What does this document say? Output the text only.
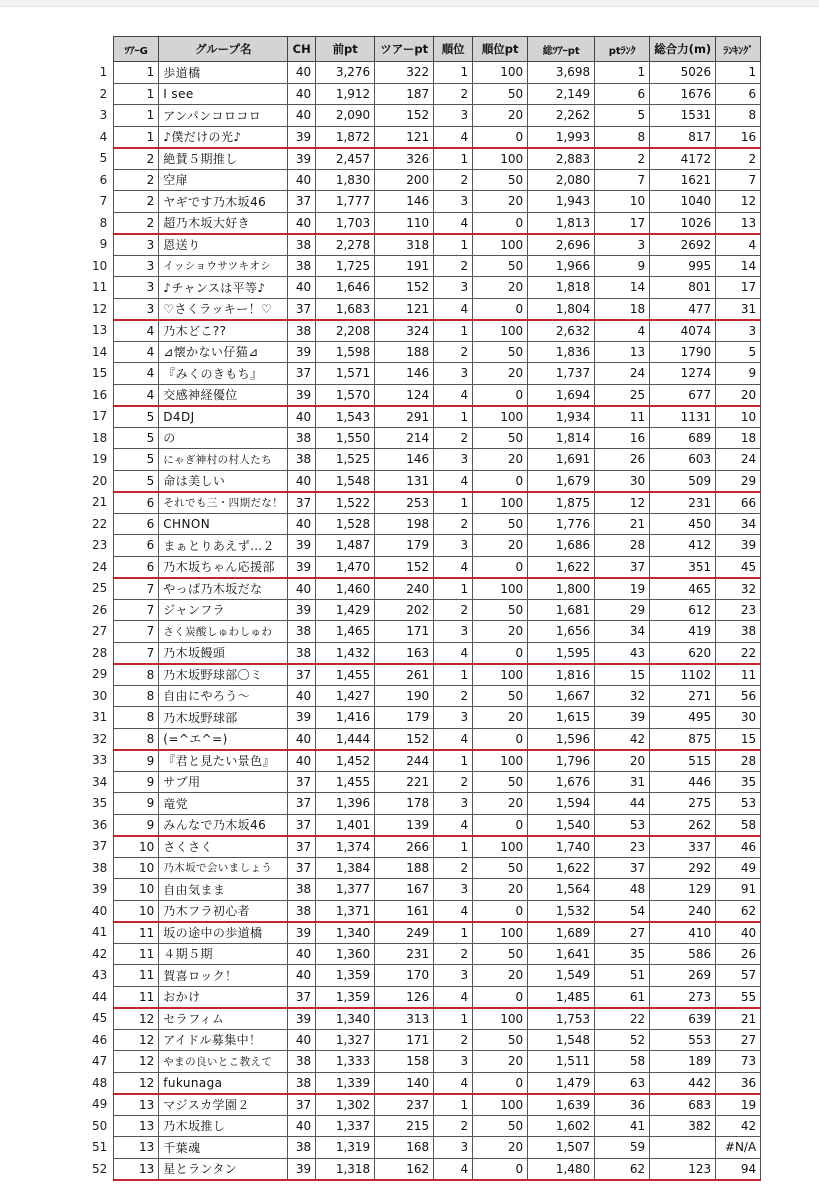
	ﾂｱｰG	グループ名	CH	前pt	ツアーpt	順位	順位pt	総ﾂｱｰpt	ptﾗﾝｸ	総合力(m)	ﾗﾝｷﾝｸﾞ
1	1	歩道橋	40	3,276	322	1	100	3,698	1	5026	1
2	1	I see	40	1,912	187	2	50	2,149	6	1676	6
3	1	アンパンコロコロ	40	2,090	152	3	20	2,262	5	1531	8
4	1	♪僕だけの光♪	39	1,872	121	4	0	1,993	8	817	16
5	2	絶賛５期推し	39	2,457	326	1	100	2,883	2	4172	2
6	2	空扉	40	1,830	200	2	50	2,080	7	1621	7
7	2	ヤギです乃木坂46	37	1,777	146	3	20	1,943	10	1040	12
8	2	超乃木坂大好き	40	1,703	110	4	0	1,813	17	1026	13
9	3	恩送り	38	2,278	318	1	100	2,696	3	2692	4
10	3	イッショウサツキオシ	38	1,725	191	2	50	1,966	9	995	14
11	3	♪チャンスは平等♪	40	1,646	152	3	20	1,818	14	801	17
12	3	♡さくラッキー！♡	37	1,683	121	4	0	1,804	18	477	31
13	4	乃木どこ??	38	2,208	324	1	100	2,632	4	4074	3
14	4	⊿懐かない仔猫⊿	39	1,598	188	2	50	1,836	13	1790	5
15	4	『みくのきもち』	37	1,571	146	3	20	1,737	24	1274	9
16	4	交感神経優位	39	1,570	124	4	0	1,694	25	677	20
17	5	D4DJ	40	1,543	291	1	100	1,934	11	1131	10
18	5	の	38	1,550	214	2	50	1,814	16	689	18
19	5	にゃぎ神村の村人たち	38	1,525	146	3	20	1,691	26	603	24
20	5	命は美しい	40	1,548	131	4	0	1,679	30	509	29
21	6	それでも三・四期だな！	37	1,522	253	1	100	1,875	12	231	66
22	6	CHNON	40	1,528	198	2	50	1,776	21	450	34
23	6	まぁとりあえず…２	39	1,487	179	3	20	1,686	28	412	39
24	6	乃木坂ちゃん応援部	39	1,470	152	4	0	1,622	37	351	45
25	7	やっぱ乃木坂だな	40	1,460	240	1	100	1,800	19	465	32
26	7	ジャンフラ	39	1,429	202	2	50	1,681	29	612	23
27	7	さく炭酸しゅわしゅわ	38	1,465	171	3	20	1,656	34	419	38
28	7	乃木坂饅頭	38	1,432	163	4	0	1,595	43	620	22
29	8	乃木坂野球部〇ミ	37	1,455	261	1	100	1,816	15	1102	11
30	8	自由にやろう～	40	1,427	190	2	50	1,667	32	271	56
31	8	乃木坂野球部	39	1,416	179	3	20	1,615	39	495	30
32	8	(=^エ^=)	40	1,444	152	4	0	1,596	42	875	15
33	9	『君と見たい景色』	40	1,452	244	1	100	1,796	20	515	28
34	9	サブ用	37	1,455	221	2	50	1,676	31	446	35
35	9	竜党	37	1,396	178	3	20	1,594	44	275	53
36	9	みんなで乃木坂46	37	1,401	139	4	0	1,540	53	262	58
37	10	さくさく	37	1,374	266	1	100	1,740	23	337	46
38	10	乃木坂で会いましょう	37	1,384	188	2	50	1,622	37	292	49
39	10	自由気まま	38	1,377	167	3	20	1,564	48	129	91
40	10	乃木フラ初心者	38	1,371	161	4	0	1,532	54	240	62
41	11	坂の途中の歩道橋	39	1,340	249	1	100	1,689	27	410	40
42	11	４期５期	40	1,360	231	2	50	1,641	35	586	26
43	11	賀喜ロック！	40	1,359	170	3	20	1,549	51	269	57
44	11	おかけ	37	1,359	126	4	0	1,485	61	273	55
45	12	セラフィム	39	1,340	313	1	100	1,753	22	639	21
46	12	アイドル募集中！	40	1,327	171	2	50	1,548	52	553	27
47	12	やまの良いとこ教えて	38	1,333	158	3	20	1,511	58	189	73
48	12	fukunaga	38	1,339	140	4	0	1,479	63	442	36
49	13	マジスカ学園２	37	1,302	237	1	100	1,639	36	683	19
50	13	乃木坂推し	40	1,337	215	2	50	1,602	41	382	42
51	13	千葉魂	38	1,319	168	3	20	1,507	59		#N/A
52	13	星とランタン	39	1,318	162	4	0	1,480	62	123	94
